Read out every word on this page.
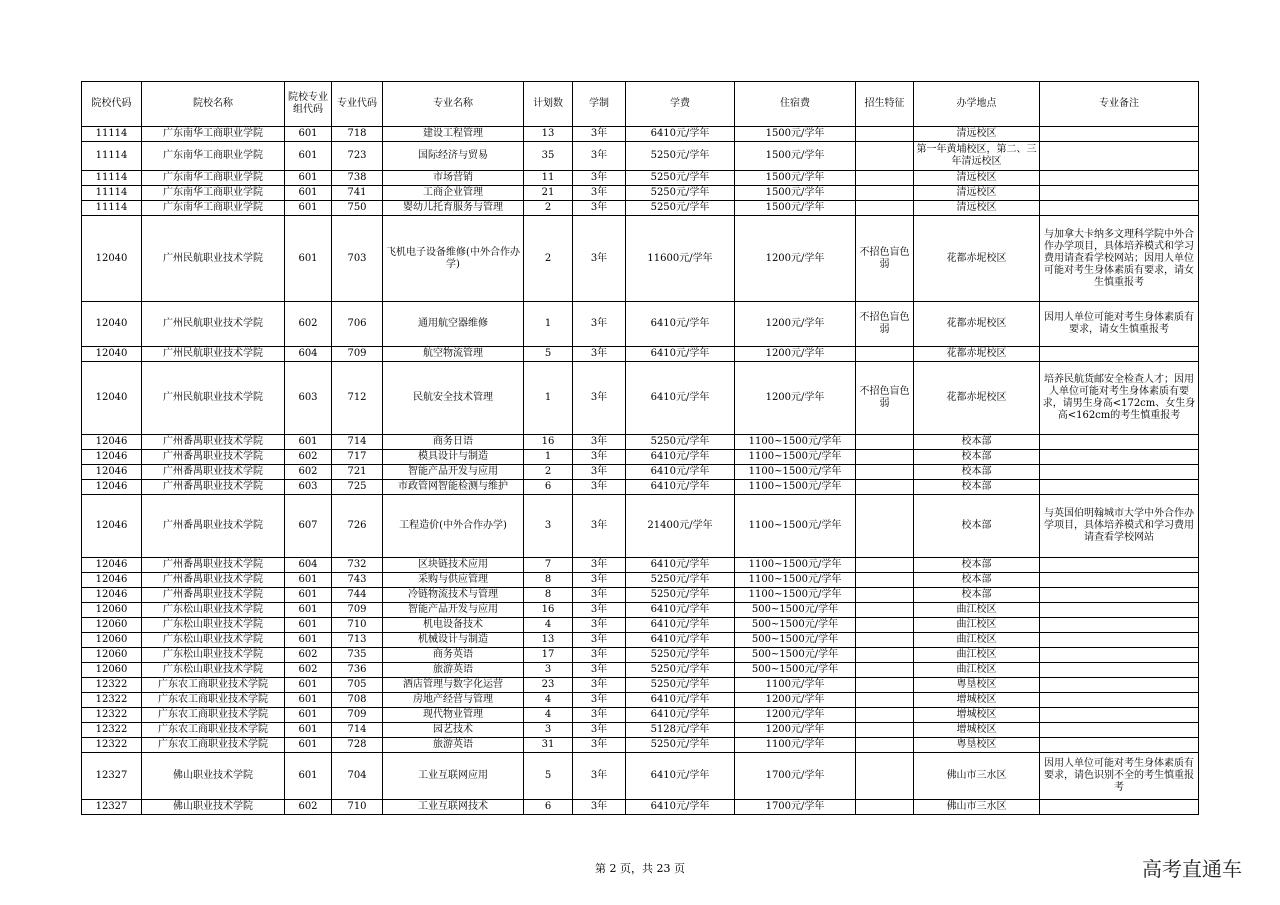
院校代码	院校名称	院校专业组代码	专业代码	专业名称	计划数	学制	学费	住宿费	招生特征	办学地点	专业备注
11114	广东南华工商职业学院	601	718	建设工程管理	13	3年	6410元/学年	1500元/学年		清远校区	
11114	广东南华工商职业学院	601	723	国际经济与贸易	35	3年	5250元/学年	1500元/学年		第一年黄埔校区，第二、三年清远校区	
11114	广东南华工商职业学院	601	738	市场营销	11	3年	5250元/学年	1500元/学年		清远校区	
11114	广东南华工商职业学院	601	741	工商企业管理	21	3年	5250元/学年	1500元/学年		清远校区	
11114	广东南华工商职业学院	601	750	婴幼儿托育服务与管理	2	3年	5250元/学年	1500元/学年		清远校区	
12040	广州民航职业技术学院	601	703	飞机电子设备维修(中外合作办学)	2	3年	11600元/学年	1200元/学年	不招色盲色弱	花都赤坭校区	与加拿大卡纳多文理科学院中外合作办学项目，具体培养模式和学习费用请查看学校网站；因用人单位可能对考生身体素质有要求，请女生慎重报考
12040	广州民航职业技术学院	602	706	通用航空器维修	1	3年	6410元/学年	1200元/学年	不招色盲色弱	花都赤坭校区	因用人单位可能对考生身体素质有要求，请女生慎重报考
12040	广州民航职业技术学院	604	709	航空物流管理	5	3年	6410元/学年	1200元/学年		花都赤坭校区	
12040	广州民航职业技术学院	603	712	民航安全技术管理	1	3年	6410元/学年	1200元/学年	不招色盲色弱	花都赤坭校区	培养民航货邮安全检查人才；因用人单位可能对考生身体素质有要求，请男生身高<172cm、女生身高<162cm的考生慎重报考
12046	广州番禺职业技术学院	601	714	商务日语	16	3年	5250元/学年	1100~1500元/学年		校本部	
12046	广州番禺职业技术学院	602	717	模具设计与制造	1	3年	6410元/学年	1100~1500元/学年		校本部	
12046	广州番禺职业技术学院	602	721	智能产品开发与应用	2	3年	6410元/学年	1100~1500元/学年		校本部	
12046	广州番禺职业技术学院	603	725	市政管网智能检测与维护	6	3年	6410元/学年	1100~1500元/学年		校本部	
12046	广州番禺职业技术学院	607	726	工程造价(中外合作办学)	3	3年	21400元/学年	1100~1500元/学年		校本部	与英国伯明翰城市大学中外合作办学项目，具体培养模式和学习费用请查看学校网站
12046	广州番禺职业技术学院	604	732	区块链技术应用	7	3年	6410元/学年	1100~1500元/学年		校本部	
12046	广州番禺职业技术学院	601	743	采购与供应管理	8	3年	5250元/学年	1100~1500元/学年		校本部	
12046	广州番禺职业技术学院	601	744	冷链物流技术与管理	8	3年	5250元/学年	1100~1500元/学年		校本部	
12060	广东松山职业技术学院	601	709	智能产品开发与应用	16	3年	6410元/学年	500~1500元/学年		曲江校区	
12060	广东松山职业技术学院	601	710	机电设备技术	4	3年	6410元/学年	500~1500元/学年		曲江校区	
12060	广东松山职业技术学院	601	713	机械设计与制造	13	3年	6410元/学年	500~1500元/学年		曲江校区	
12060	广东松山职业技术学院	602	735	商务英语	17	3年	5250元/学年	500~1500元/学年		曲江校区	
12060	广东松山职业技术学院	602	736	旅游英语	3	3年	5250元/学年	500~1500元/学年		曲江校区	
12322	广东农工商职业技术学院	601	705	酒店管理与数字化运营	23	3年	5250元/学年	1100元/学年		粤垦校区	
12322	广东农工商职业技术学院	601	708	房地产经营与管理	4	3年	6410元/学年	1200元/学年		增城校区	
12322	广东农工商职业技术学院	601	709	现代物业管理	4	3年	6410元/学年	1200元/学年		增城校区	
12322	广东农工商职业技术学院	601	714	园艺技术	3	3年	5128元/学年	1200元/学年		增城校区	
12322	广东农工商职业技术学院	601	728	旅游英语	31	3年	5250元/学年	1100元/学年		粤垦校区	
12327	佛山职业技术学院	601	704	工业互联网应用	5	3年	6410元/学年	1700元/学年		佛山市三水区	因用人单位可能对考生身体素质有要求，请色识别不全的考生慎重报考
12327	佛山职业技术学院	602	710	工业互联网技术	6	3年	6410元/学年	1700元/学年		佛山市三水区	
第 2 页，共 23 页	高考直通车
